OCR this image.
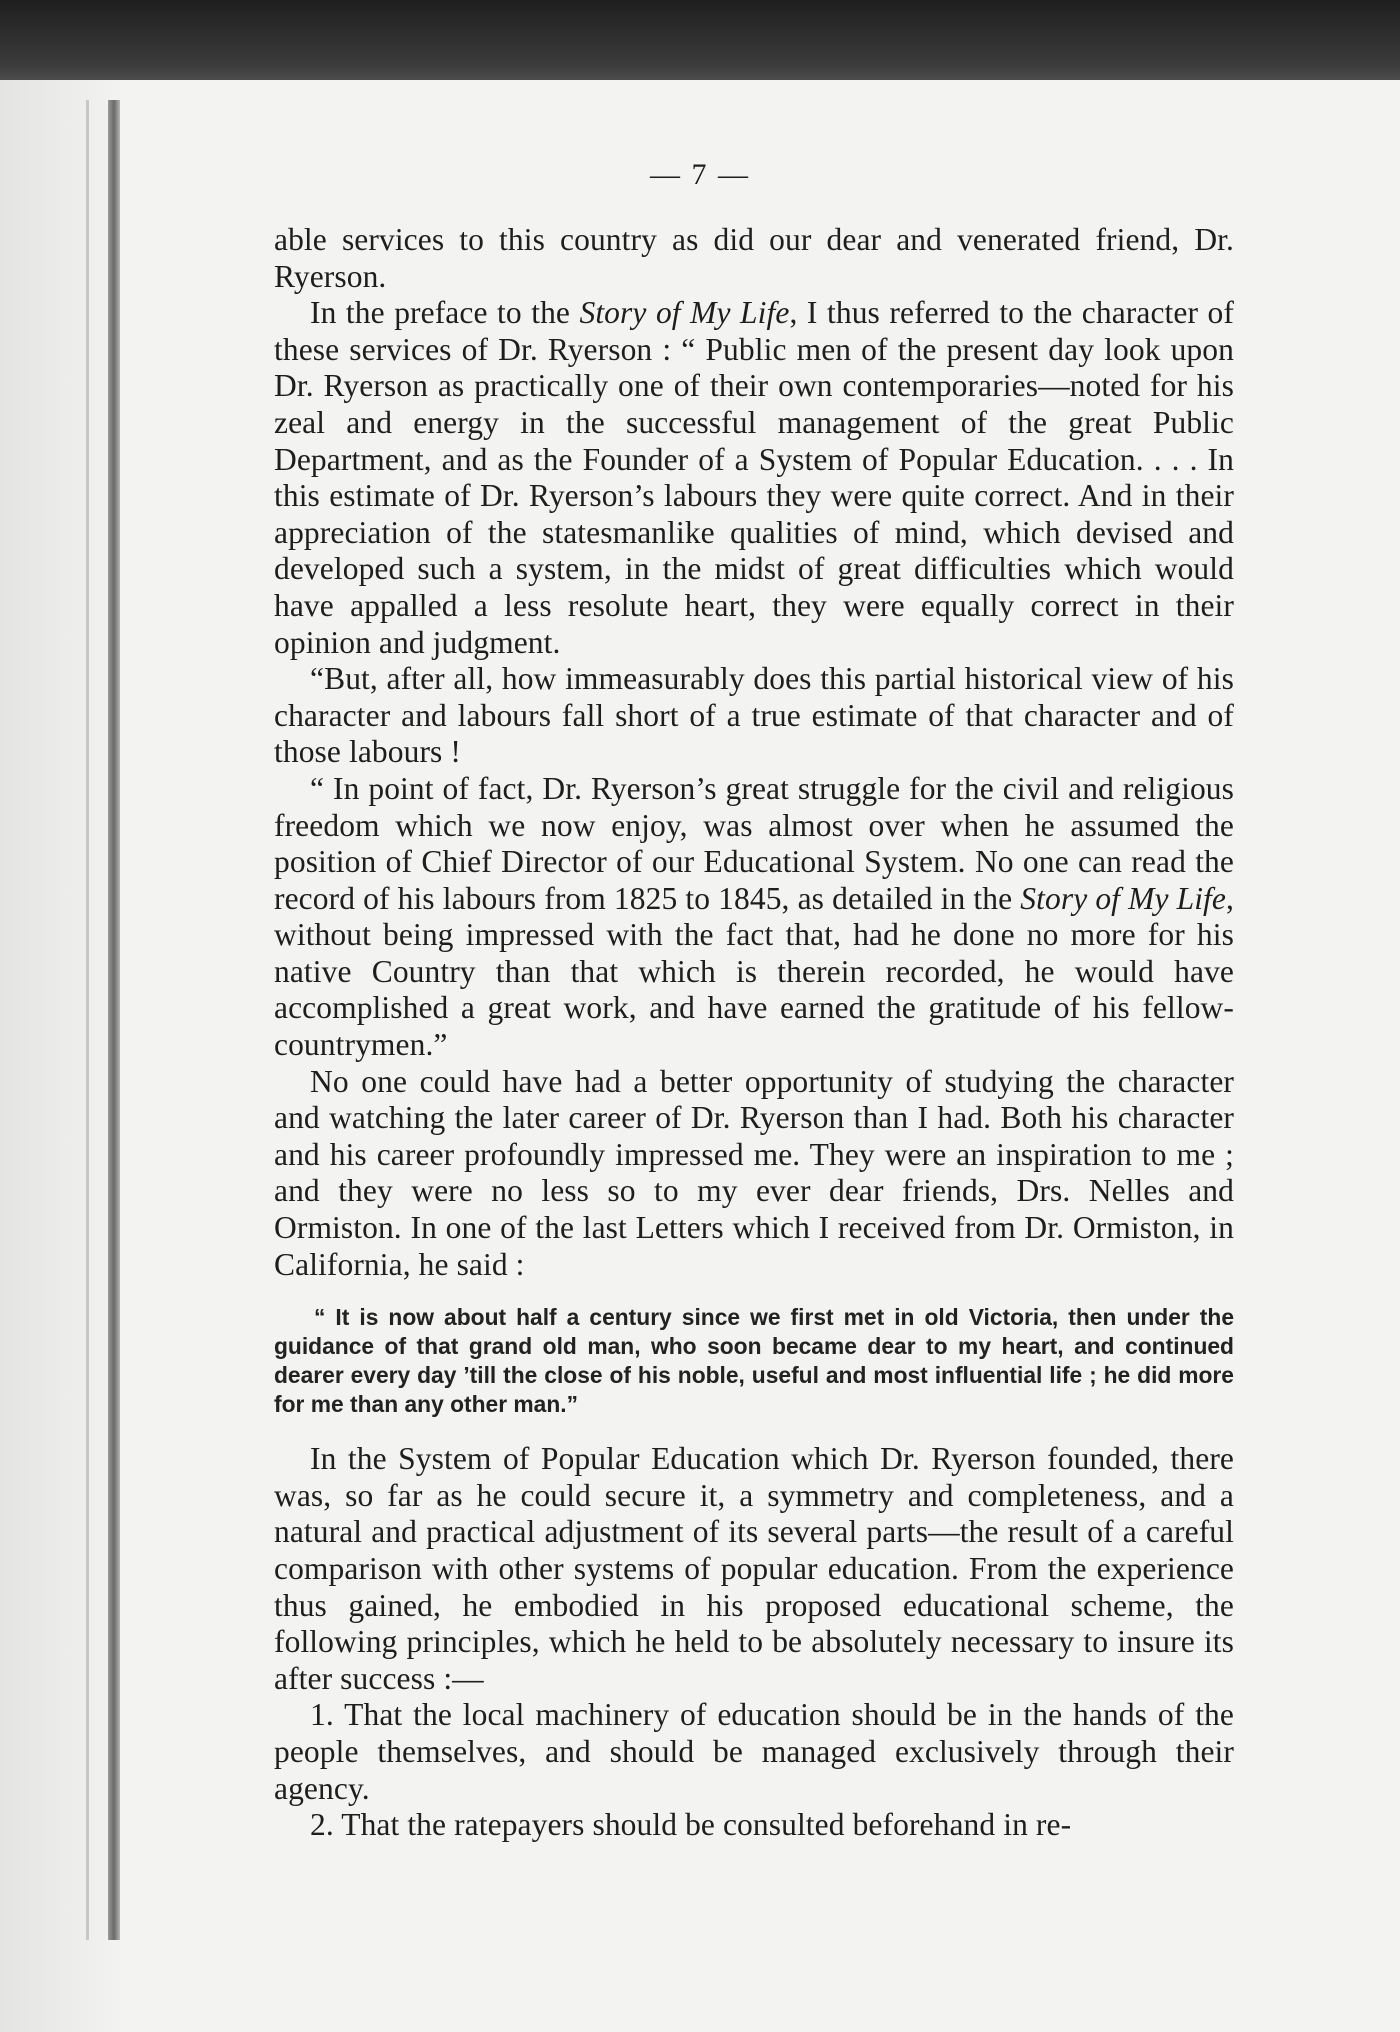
— 7 —

able services to this country as did our dear and venerated friend, Dr. Ryerson.

In the preface to the Story of My Life, I thus referred to the character of these services of Dr. Ryerson : “ Public men of the present day look upon Dr. Ryerson as practically one of their own contemporaries—noted for his zeal and energy in the successful management of the great Public Department, and as the Founder of a System of Popular Education. . . . In this estimate of Dr. Ryerson’s labours they were quite correct. And in their appreciation of the statesmanlike qualities of mind, which devised and developed such a system, in the midst of great difficulties which would have appalled a less resolute heart, they were equally correct in their opinion and judgment.

“But, after all, how immeasurably does this partial historical view of his character and labours fall short of a true estimate of that character and of those labours !

“ In point of fact, Dr. Ryerson’s great struggle for the civil and religious freedom which we now enjoy, was almost over when he assumed the position of Chief Director of our Educational System. No one can read the record of his labours from 1825 to 1845, as detailed in the Story of My Life, without being impressed with the fact that, had he done no more for his native Country than that which is therein recorded, he would have accomplished a great work, and have earned the gratitude of his fellow-countrymen.”

No one could have had a better opportunity of studying the character and watching the later career of Dr. Ryerson than I had. Both his character and his career profoundly impressed me. They were an inspiration to me ; and they were no less so to my ever dear friends, Drs. Nelles and Ormiston. In one of the last Letters which I received from Dr. Ormiston, in California, he said :

“ It is now about half a century since we first met in old Victoria, then under the guidance of that grand old man, who soon became dear to my heart, and continued dearer every day ’till the close of his noble, useful and most influential life ; he did more for me than any other man.”

In the System of Popular Education which Dr. Ryerson founded, there was, so far as he could secure it, a symmetry and completeness, and a natural and practical adjustment of its several parts—the result of a careful comparison with other systems of popular education. From the experience thus gained, he embodied in his proposed educational scheme, the following principles, which he held to be absolutely necessary to insure its after success :—

1. That the local machinery of education should be in the hands of the people themselves, and should be managed exclusively through their agency.

2. That the ratepayers should be consulted beforehand in re-
